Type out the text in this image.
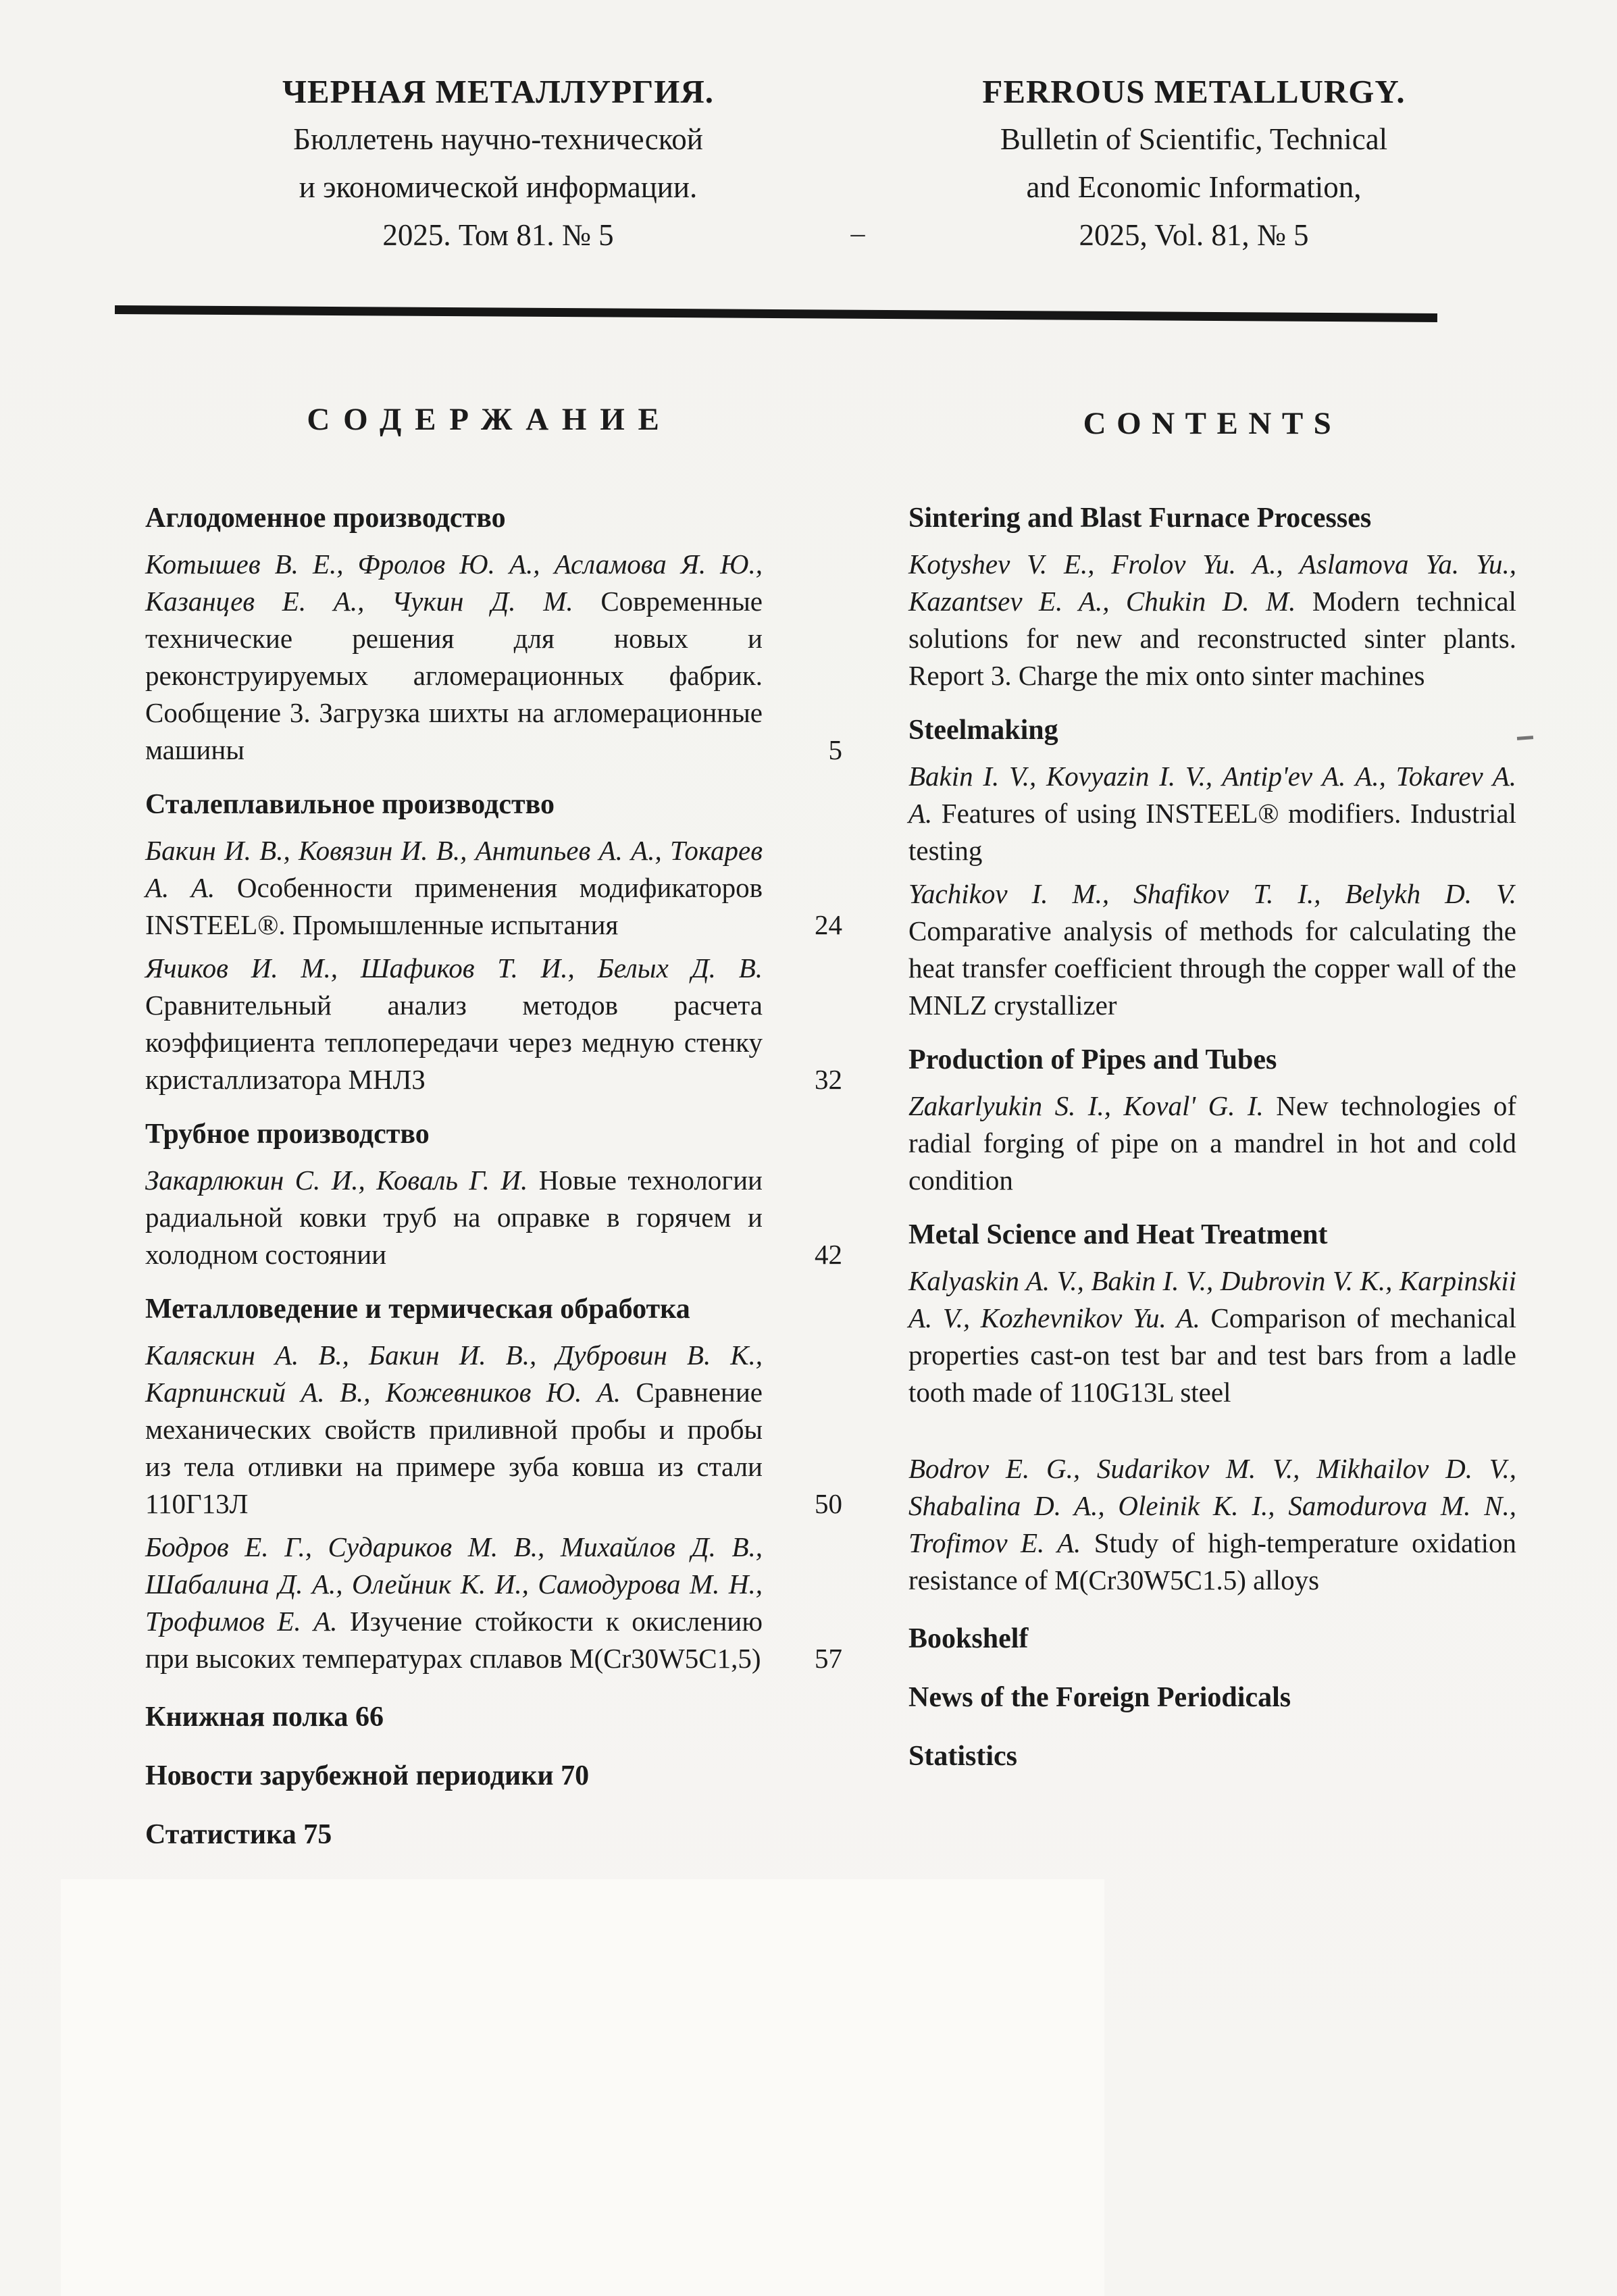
ЧЕРНАЯ МЕТАЛЛУРГИЯ.
Бюллетень научно-технической
и экономической информации.
2025. Том 81. № 5	–
FERROUS METALLURGY.
Bulletin of Scientific, Technical
and Economic Information,
2025, Vol. 81, № 5
СОДЕРЖАНИЕ	CONTENTS
Аглодоменное производство
Котышев В. Е., Фролов Ю. А., Асламова Я. Ю., Казанцев Е. А., Чукин Д. М. Современные технические решения для новых и реконструируемых агломерационных фабрик. Сообщение 3. Загрузка шихты на агломерационные машины	5
Сталеплавильное производство
Бакин И. В., Ковязин И. В., Антипьев А. А., Токарев А. А. Особенности применения модификаторов INSTEEL®. Промышленные испытания	24
Ячиков И. М., Шафиков Т. И., Белых Д. В. Сравнительный анализ методов расчета коэффициента теплопередачи через медную стенку кристаллизатора МНЛЗ	32
Трубное производство
Закарлюкин С. И., Коваль Г. И. Новые технологии радиальной ковки труб на оправке в горячем и холодном состоянии	42
Металловедение и термическая обработка
Каляскин А. В., Бакин И. В., Дубровин В. К., Карпинский А. В., Кожевников Ю. А. Сравнение механических свойств приливной пробы и пробы из тела отливки на примере зуба ковша из стали 110Г13Л	50
Бодров Е. Г., Судариков М. В., Михайлов Д. В., Шабалина Д. А., Олейник К. И., Самодурова М. Н., Трофимов Е. А. Изучение стойкости к окислению при высоких температурах сплавов М(Cr30W5C1,5) 57
Книжная полка 66
Новости зарубежной периодики 70
Статистика 75
Sintering and Blast Furnace Processes
Kotyshev V. E., Frolov Yu. A., Aslamova Ya. Yu., Kazantsev E. A., Chukin D. M. Modern technical solutions for new and reconstructed sinter plants. Report 3. Charge the mix onto sinter machines
Steelmaking
Bakin I. V., Kovyazin I. V., Antip'ev A. A., Tokarev A. A. Features of using INSTEEL® modifiers. Industrial testing
Yachikov I. M., Shafikov T. I., Belykh D. V. Comparative analysis of methods for calculating the heat transfer coefficient through the copper wall of the MNLZ crystallizer
Production of Pipes and Tubes
Zakarlyukin S. I., Koval' G. I. New technologies of radial forging of pipe on a mandrel in hot and cold condition
Metal Science and Heat Treatment
Kalyaskin A. V., Bakin I. V., Dubrovin V. K., Karpinskii A. V., Kozhevnikov Yu. A. Comparison of mechanical properties cast-on test bar and test bars from a ladle tooth made of 110G13L steel
Bodrov E. G., Sudarikov M. V., Mikhailov D. V., Shabalina D. A., Oleinik K. I., Samodurova M. N., Trofimov E. A. Study of high-temperature oxidation resistance of M(Cr30W5C1.5) alloys
Bookshelf
News of the Foreign Periodicals
Statistics
